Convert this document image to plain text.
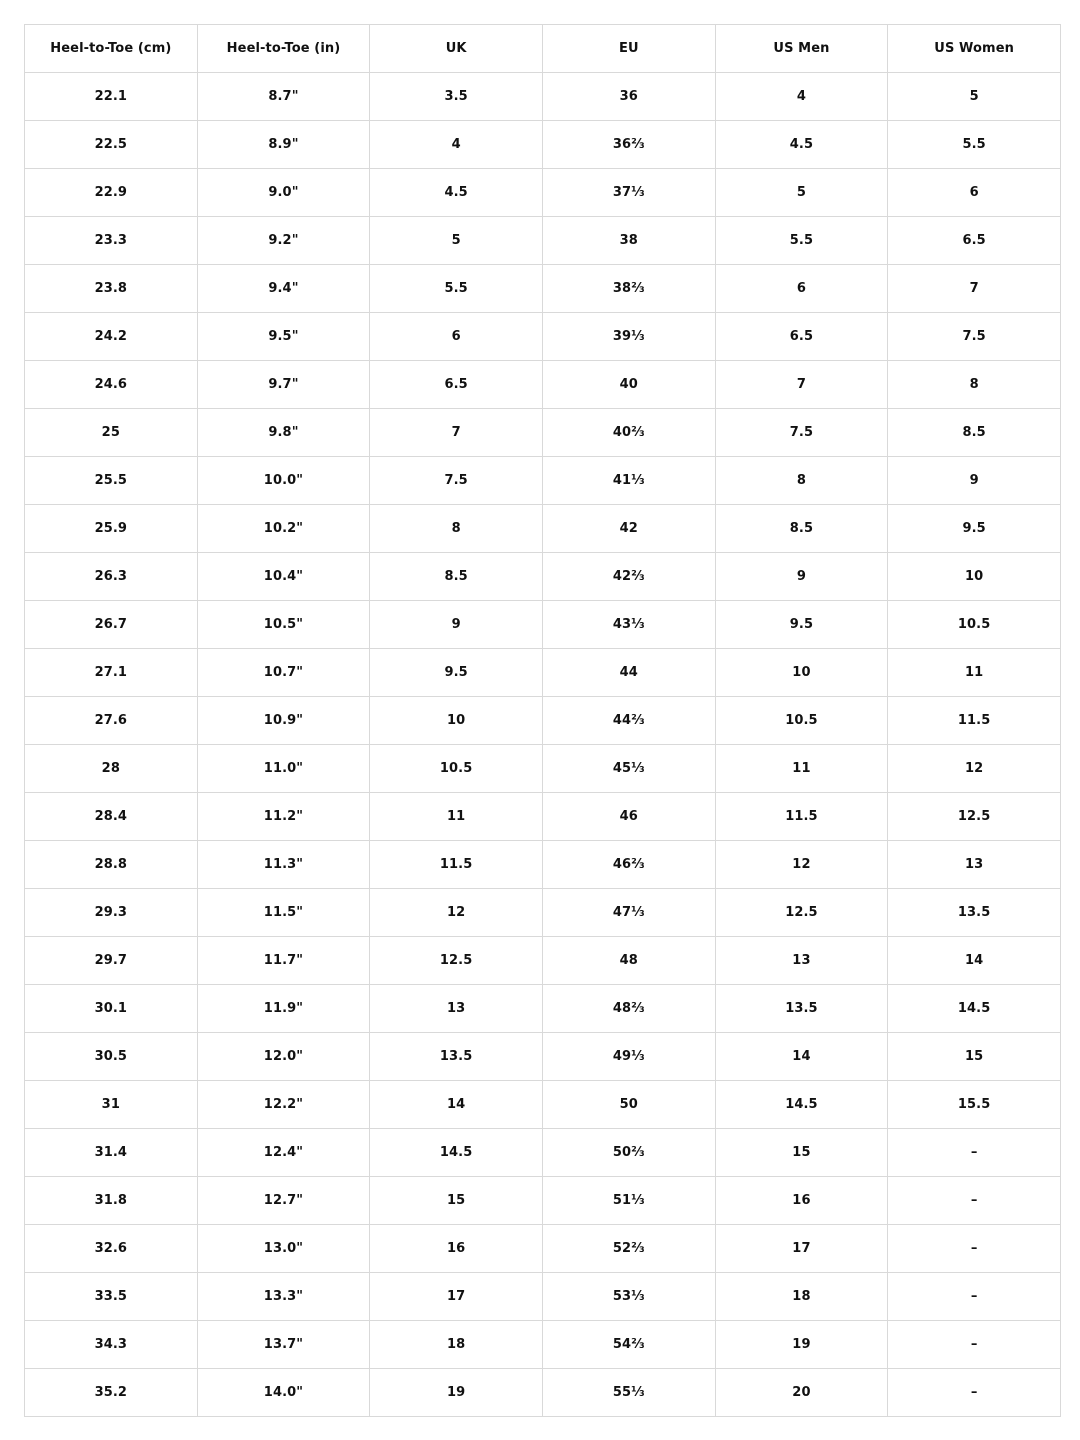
Heel-to-Toe (cm)	Heel-to-Toe (in)	UK	EU	US Men	US Women
22.1	8.7"	3.5	36	4	5
22.5	8.9"	4	36⅔	4.5	5.5
22.9	9.0"	4.5	37⅓	5	6
23.3	9.2"	5	38	5.5	6.5
23.8	9.4"	5.5	38⅔	6	7
24.2	9.5"	6	39⅓	6.5	7.5
24.6	9.7"	6.5	40	7	8
25	9.8"	7	40⅔	7.5	8.5
25.5	10.0"	7.5	41⅓	8	9
25.9	10.2"	8	42	8.5	9.5
26.3	10.4"	8.5	42⅔	9	10
26.7	10.5"	9	43⅓	9.5	10.5
27.1	10.7"	9.5	44	10	11
27.6	10.9"	10	44⅔	10.5	11.5
28	11.0"	10.5	45⅓	11	12
28.4	11.2"	11	46	11.5	12.5
28.8	11.3"	11.5	46⅔	12	13
29.3	11.5"	12	47⅓	12.5	13.5
29.7	11.7"	12.5	48	13	14
30.1	11.9"	13	48⅔	13.5	14.5
30.5	12.0"	13.5	49⅓	14	15
31	12.2"	14	50	14.5	15.5
31.4	12.4"	14.5	50⅔	15	–
31.8	12.7"	15	51⅓	16	–
32.6	13.0"	16	52⅔	17	–
33.5	13.3"	17	53⅓	18	–
34.3	13.7"	18	54⅔	19	–
35.2	14.0"	19	55⅓	20	–
